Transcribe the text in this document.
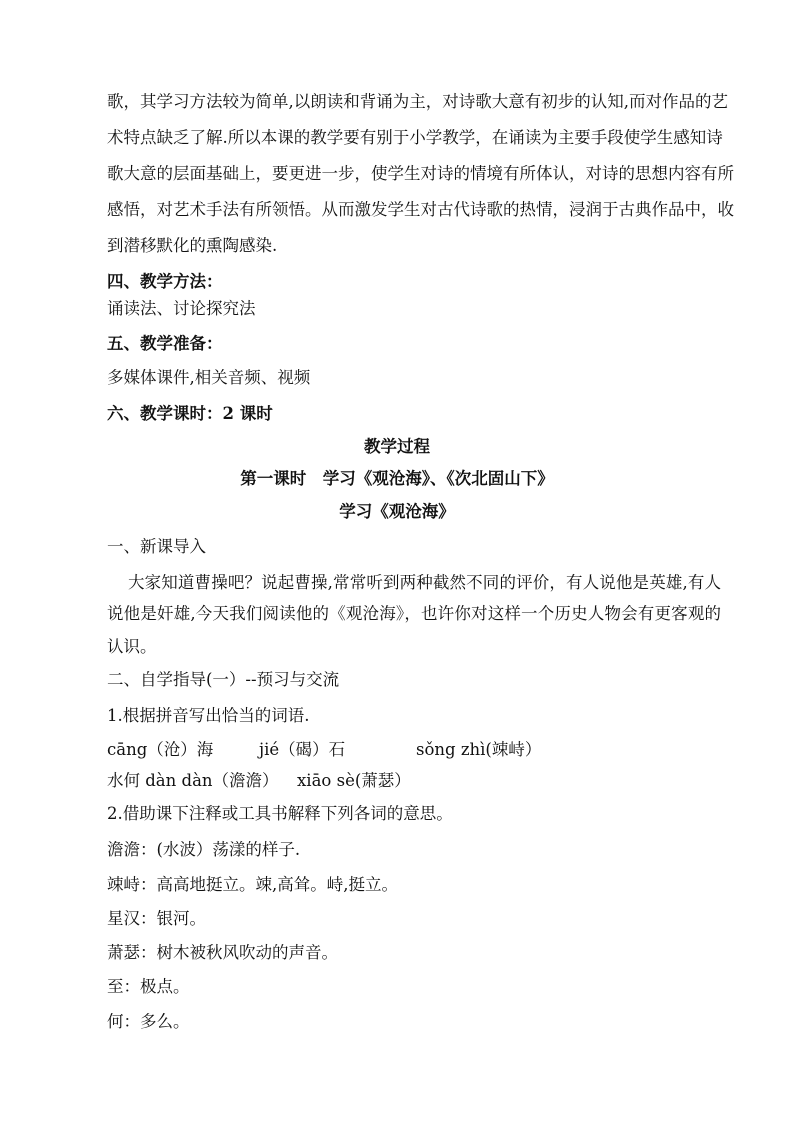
歌，其学习方法较为简单,以朗读和背诵为主，对诗歌大意有初步的认知,而对作品的艺
术特点缺乏了解.所以本课的教学要有别于小学教学，在诵读为主要手段使学生感知诗
歌大意的层面基础上，要更进一步，使学生对诗的情境有所体认，对诗的思想内容有所
感悟，对艺术手法有所领悟。从而激发学生对古代诗歌的热情，浸润于古典作品中，收
到潜移默化的熏陶感染.
四、教学方法：
诵读法、讨论探究法
五、教学准备：
多媒体课件,相关音频、视频
六、教学课时：2 课时
教学过程
第一课时　学习《观沧海》、《次北固山下》
学习《观沧海》
一、新课导入
大家知道曹操吧？说起曹操,常常听到两种截然不同的评价，有人说他是英雄,有人
说他是奸雄,今天我们阅读他的《观沧海》，也许你对这样一个历史人物会有更客观的
认识。
二、自学指导(一）--预习与交流
1.根据拼音写出恰当的词语.
cāng（沧）海	jié（碣）石	sǒng zhì(竦峙）
水何 dàn dàn（澹澹） xiāo sè(萧瑟）
2.借助课下注释或工具书解释下列各词的意思。
澹澹：(水波）荡漾的样子.
竦峙：高高地挺立。竦,高耸。峙,挺立。
星汉：银河。
萧瑟：树木被秋风吹动的声音。
至：极点。
何：多么。
